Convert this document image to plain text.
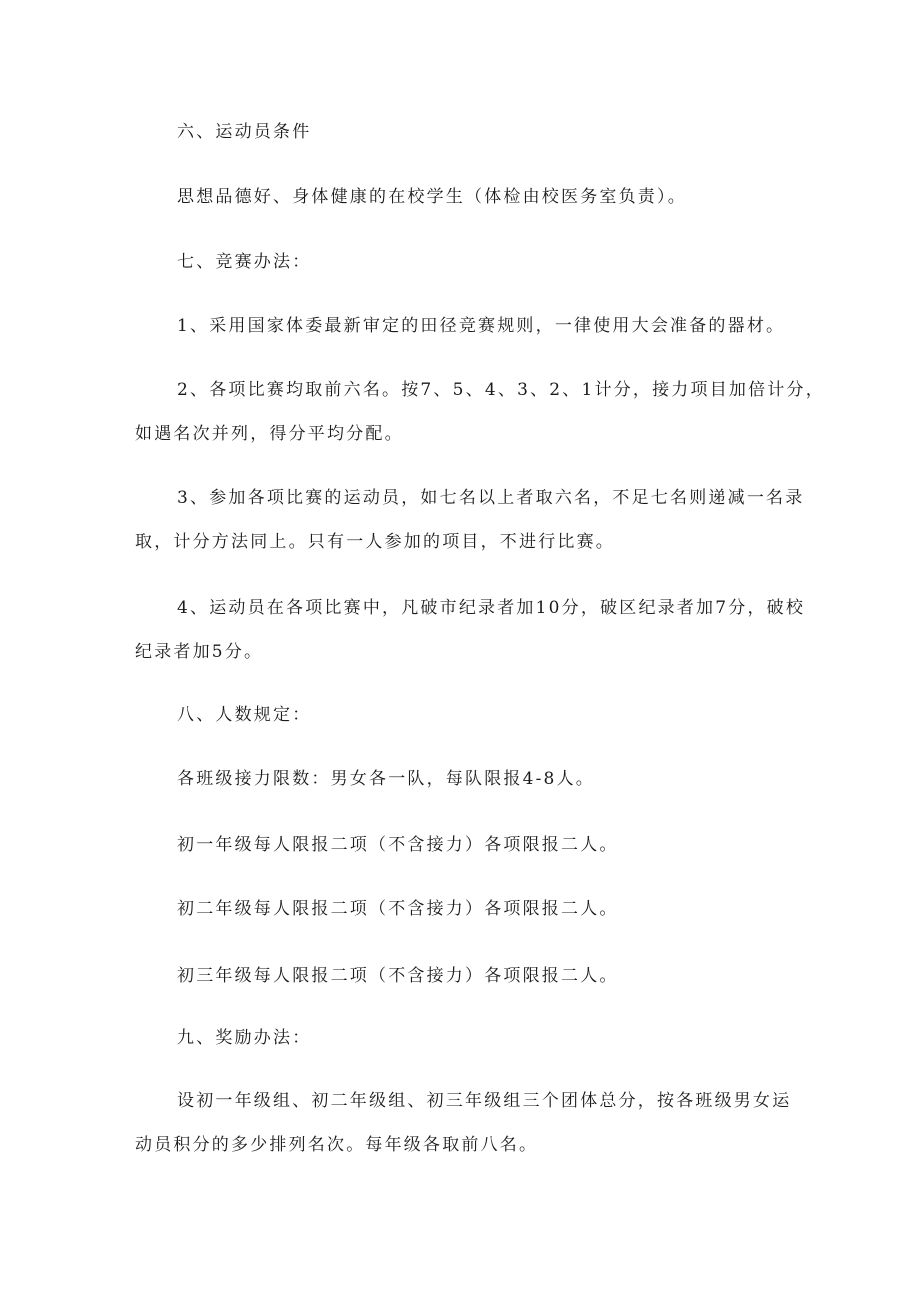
六、运动员条件
思想品德好、身体健康的在校学生（体检由校医务室负责）。
七、竞赛办法：
1、采用国家体委最新审定的田径竞赛规则，一律使用大会准备的器材。
2、各项比赛均取前六名。按7、5、4、3、2、1计分，接力项目加倍计分，
如遇名次并列，得分平均分配。
3、参加各项比赛的运动员，如七名以上者取六名，不足七名则递减一名录
取，计分方法同上。只有一人参加的项目，不进行比赛。
4、运动员在各项比赛中，凡破市纪录者加10分，破区纪录者加7分，破校
纪录者加5分。
八、人数规定：
各班级接力限数：男女各一队，每队限报4-8人。
初一年级每人限报二项（不含接力）各项限报二人。
初二年级每人限报二项（不含接力）各项限报二人。
初三年级每人限报二项（不含接力）各项限报二人。
九、奖励办法：
设初一年级组、初二年级组、初三年级组三个团体总分，按各班级男女运
动员积分的多少排列名次。每年级各取前八名。
